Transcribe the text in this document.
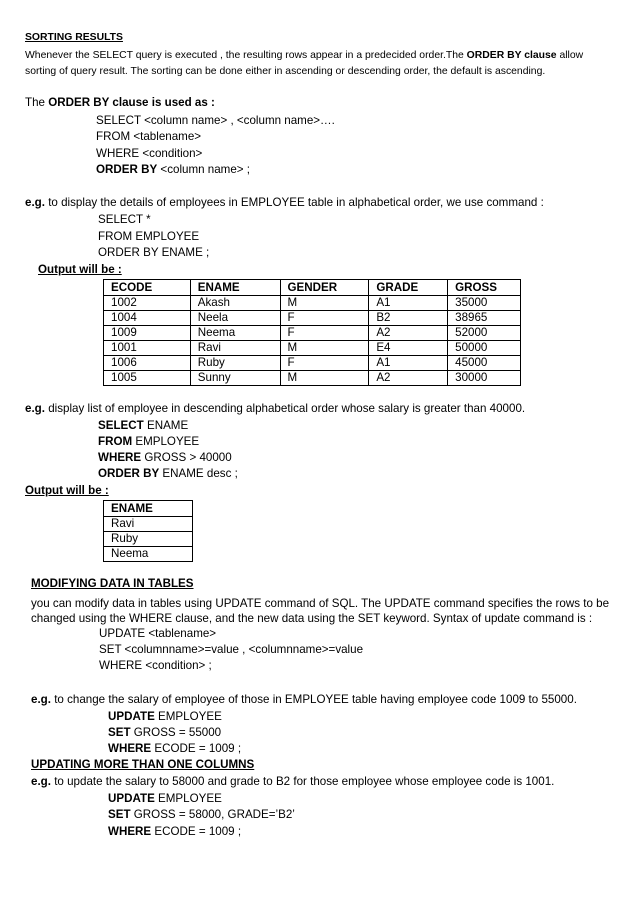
SORTING RESULTS
Whenever the SELECT query is executed , the resulting rows appear in a predecided order.The ORDER BY clause allow
sorting of query result. The sorting can be done either in ascending or descending order, the default is ascending.
The ORDER BY clause is used as :
SELECT <column name> , <column name>….
FROM <tablename>
WHERE <condition>
ORDER BY <column name> ;
e.g. to display the details of employees in EMPLOYEE table in alphabetical order, we use command :
SELECT *
FROM EMPLOYEE
ORDER BY ENAME ;
Output will be :
ECODE	ENAME	GENDER	GRADE	GROSS
1002	Akash	M	A1	35000
1004	Neela	F	B2	38965
1009	Neema	F	A2	52000
1001	Ravi	M	E4	50000
1006	Ruby	F	A1	45000
1005	Sunny	M	A2	30000
e.g. display list of employee in descending alphabetical order whose salary is greater than 40000.
SELECT ENAME
FROM EMPLOYEE
WHERE GROSS > 40000
ORDER BY ENAME desc ;
Output will be :
ENAME
Ravi
Ruby
Neema
MODIFYING DATA IN TABLES
you can modify data in tables using UPDATE command of SQL. The UPDATE command specifies the rows to be
changed using the WHERE clause, and the new data using the SET keyword. Syntax of update command is :
UPDATE <tablename>
SET <columnname>=value , <columnname>=value
WHERE <condition> ;
e.g. to change the salary of employee of those in EMPLOYEE table having employee code 1009 to 55000.
UPDATE EMPLOYEE
SET GROSS = 55000
WHERE ECODE = 1009 ;
UPDATING MORE THAN ONE COLUMNS
e.g. to update the salary to 58000 and grade to B2 for those employee whose employee code is 1001.
UPDATE EMPLOYEE
SET GROSS = 58000, GRADE=’B2’
WHERE ECODE = 1009 ;
